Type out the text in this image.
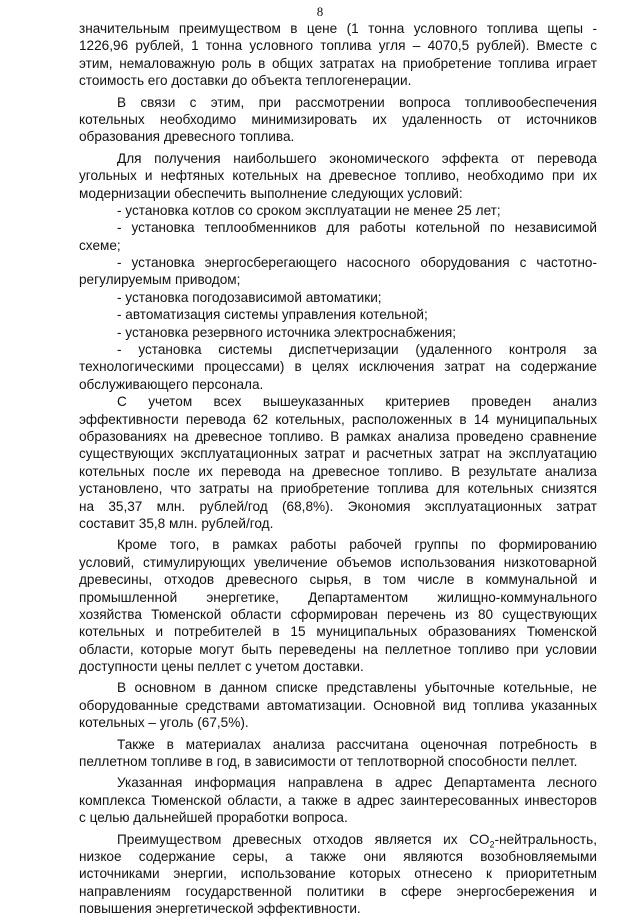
8
значительным преимуществом в цене (1 тонна условного топлива щепы -
1226,96 рублей, 1 тонна условного топлива угля – 4070,5 рублей). Вместе с
этим, немаловажную роль в общих затратах на приобретение топлива играет
стоимость его доставки до объекта теплогенерации.
В связи с этим, при рассмотрении вопроса топливообеспечения
котельных необходимо минимизировать их удаленность от источников
образования древесного топлива.
Для получения наибольшего экономического эффекта от перевода
угольных и нефтяных котельных на древесное топливо, необходимо при их
модернизации обеспечить выполнение следующих условий:
- установка котлов со сроком эксплуатации не менее 25 лет;
- установка теплообменников для работы котельной по независимой
схеме;
- установка энергосберегающего насосного оборудования с частотно-
регулируемым приводом;
- установка погодозависимой автоматики;
- автоматизация системы управления котельной;
- установка резервного источника электроснабжения;
- установка системы диспетчеризации (удаленного контроля за
технологическими процессами) в целях исключения затрат на содержание
обслуживающего персонала.
С учетом всех вышеуказанных критериев проведен анализ
эффективности перевода 62 котельных, расположенных в 14 муниципальных
образованиях на древесное топливо. В рамках анализа проведено сравнение
существующих эксплуатационных затрат и расчетных затрат на эксплуатацию
котельных после их перевода на древесное топливо. В результате анализа
установлено, что затраты на приобретение топлива для котельных снизятся
на 35,37 млн. рублей/год (68,8%). Экономия эксплуатационных затрат
составит 35,8 млн. рублей/год.
Кроме того, в рамках работы рабочей группы по формированию
условий, стимулирующих увеличение объемов использования низкотоварной
древесины, отходов древесного сырья, в том числе в коммунальной и
промышленной энергетике, Департаментом жилищно-коммунального
хозяйства Тюменской области сформирован перечень из 80 существующих
котельных и потребителей в 15 муниципальных образованиях Тюменской
области, которые могут быть переведены на пеллетное топливо при условии
доступности цены пеллет с учетом доставки.
В основном в данном списке представлены убыточные котельные, не
оборудованные средствами автоматизации. Основной вид топлива указанных
котельных – уголь (67,5%).
Также в материалах анализа рассчитана оценочная потребность в
пеллетном топливе в год, в зависимости от теплотворной способности пеллет.
Указанная информация направлена в адрес Департамента лесного
комплекса Тюменской области, а также в адрес заинтересованных инвесторов
с целью дальнейшей проработки вопроса.
Преимуществом древесных отходов является их $CO_2$-нейтральность,
низкое содержание серы, а также они являются возобновляемыми
источниками энергии, использование которых отнесено к приоритетным
направлениям государственной политики в сфере энергосбережения и
повышения энергетической эффективности.
